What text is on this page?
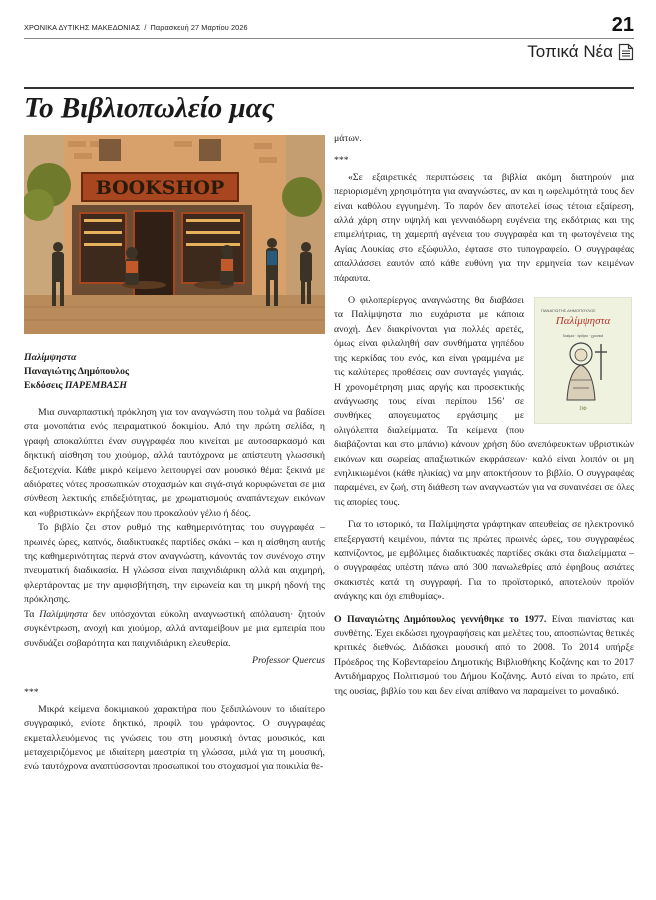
ΧΡΟΝΙΚΑ ΔΥΤΙΚΗΣ ΜΑΚΕΔΟΝΙΑΣ / Παρασκευή 27 Μαρτίου 2026	21
Τοπικά Νέα
Το Βιβλιοπωλείο μας
BOOKSHOP
Παλίμψηστα
Παναγιώτης Δημόπουλος
Εκδόσεις ΠΑΡΕΜΒΑΣΗ

Μια συναρπαστική πρόκληση για τον αναγνώστη που τολμά να βαδίσει στα μονοπάτια ενός πειραματικού δοκιμίου. Από την πρώτη σελίδα, η γραφή αποκαλύπτει έναν συγγραφέα που κινείται με αυτοσαρκασμό και δηκτική αίσθηση του χιούμορ, αλλά ταυτόχρονα με απίστευτη γλωσσική δεξιοτεχνία. Κάθε μικρό κείμενο λειτουργεί σαν μουσικό θέμα: ξεκινά με αδιόρατες νότες προσωπικών στοχασμών και σιγά-σιγά κορυφώνεται σε μια σύνθεση λεκτικής επιδεξιότητας, με χρωματισμούς αναπάντεχων εικόνων και «υβριστικών» εκρήξεων που προκαλούν γέλιο ή δέος.

Το βιβλίο ζει στον ρυθμό της καθημερινότητας του συγγραφέα – πρωινές ώρες, καπνός, διαδικτυακές παρτίδες σκάκι – και η αίσθηση αυτής της καθημερινότητας περνά στον αναγνώστη, κάνοντάς τον συνένοχο στην πνευματική διαδικασία. Η γλώσσα είναι παιχνιδιάρικη αλλά και αιχμηρή, φλερτάροντας με την αμφισβήτηση, την ειρωνεία και τη μικρή ηδονή της πρόκλησης.

Τα Παλίμψηστα δεν υπόσχονται εύκολη αναγνωστική απόλαυση· ζητούν συγκέντρωση, ανοχή και χιούμορ, αλλά ανταμείβουν με μια εμπειρία που συνδυάζει σοβαρότητα και παιχνιδιάρικη ελευθερία.

Professor Quercus
***

Μικρά κείμενα δοκιμιακού χαρακτήρα που ξεδιπλώνουν το ιδιαίτερο συγγραφικό, ενίοτε δηκτικό, προφίλ του γράφοντος. Ο συγγραφέας εκμεταλλευόμενος τις γνώσεις του στη μουσική όντας μουσικός, και μεταχειριζόμενος με ιδιαίτερη μαεστρία τη γλώσσα, μιλά για τη μουσική, ενώ ταυτόχρονα αναπτύσσονται προσωπικοί του στοχασμοί για ποικιλία θε-

μάτων.

***

«Σε εξαιρετικές περιπτώσεις τα βιβλία ακόμη διατηρούν μια περιορισμένη χρησιμότητα για αναγνώστες, αν και η ωφελιμότητά τους δεν είναι καθόλου εγγυημένη. Το παρόν δεν αποτελεί ίσως τέτοια εξαίρεση, αλλά χάρη στην υψηλή και γενναιόδωρη ευγένεια της εκδότριας και της επιμελήτριας, τη χαμερπή αγένεια του συγγραφέα και τη φωτογένεια της Αγίας Λουκίας στο εξώφυλλο, έφτασε στο τυπογραφείο. Ο συγγραφέας απαλλάσσει εαυτόν από κάθε ευθύνη για την ερμηνεία των κειμένων πάραυτα.

ΠΑΝΑΓΙΩΤΗΣ ΔΗΜΟΠΟΥΛΟΣ
Παλίμψηστα
δοκίμια · άρθρα · χρονικά
ΠΦ

Ο φιλοπερίεργος αναγνώστης θα διαβάσει τα Παλίμψηστα πιο ευχάριστα με κάποια ανοχή. Δεν διακρίνονται για πολλές αρετές, όμως είναι φιλαληθή σαν συνθήματα γηπέδου της κερκίδας του ενός, και είναι γραμμένα με τις καλύτερες προθέσεις σαν συνταγές γιαγιάς. Η χρονομέτρηση μιας αργής και προσεκτικής ανάγνωσης τους είναι περίπου 156’ σε συνθήκες απογευματος εργάσιμης με ολιγόλεπτα διαλείμματα. Τα κείμενα (που διαβάζονται και στο μπάνιο) κάνουν χρήση δύο ανεπόφευκτων υβριστικών εικόνων και σωρείας απαξιωτικών εκφράσεων· καλό είναι λοιπόν οι μη ενηλικιωμένοι (κάθε ηλικίας) να μην αποκτήσουν το βιβλίο. Ο συγγραφέας παραμένει, εν ζωή, στη διάθεση των αναγνωστών για να συναινέσει σε όλες τις απορίες τους.

Για το ιστορικό, τα Παλίμψηστα γράφτηκαν απευθείας σε ηλεκτρονικό επεξεργαστή κειμένου, πάντα τις πρώτες πρωινές ώρες, του συγγραφέως καπνίζοντος, με εμβόλιμες διαδικτυακές παρτίδες σκάκι στα διαλείμματα – ο συγγραφέας υπέστη πάνω από 300 πανωλεθρίες από έφηβους ασιάτες σκακιστές κατά τη συγγραφή. Για το προϊστορικό, αποτελούν προϊόν ανάγκης και όχι επιθυμίας».

Ο Παναγιώτης Δημόπουλος γεννήθηκε το 1977. Είναι πιανίστας και συνθέτης. Έχει εκδώσει ηχογραφήσεις και μελέτες του, αποσπώντας θετικές κριτικές διεθνώς. Διδάσκει μουσική από το 2008. Το 2014 υπήρξε Πρόεδρος της Κοβενταρείου Δημοτικής Βιβλιοθήκης Κοζάνης και το 2017 Αντιδήμαρχος Πολιτισμού του Δήμου Κοζάνης. Αυτό είναι το πρώτο, επί της ουσίας, βιβλίο του και δεν είναι απίθανο να παραμείνει το μοναδικό.
